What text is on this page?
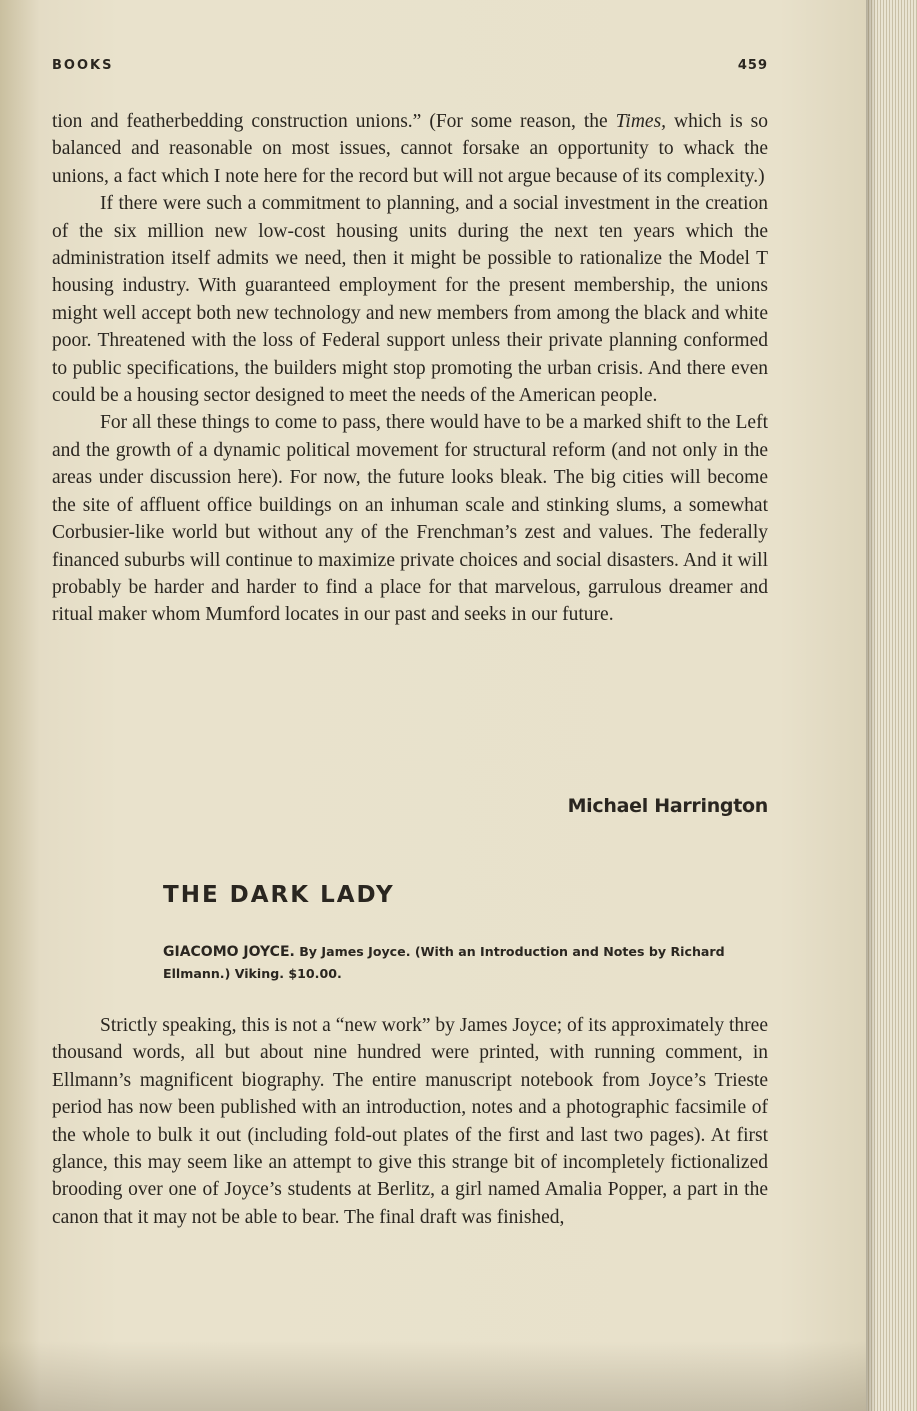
BOOKS	459

tion and featherbedding construction unions.” (For some reason, the Times, which is so balanced and reasonable on most issues, cannot forsake an opportunity to whack the unions, a fact which I note here for the record but will not argue because of its complexity.)

If there were such a commitment to planning, and a social investment in the creation of the six million new low-cost housing units during the next ten years which the administration itself admits we need, then it might be possible to rationalize the Model T housing industry. With guaranteed employment for the present membership, the unions might well accept both new technology and new members from among the black and white poor. Threatened with the loss of Federal support unless their private planning conformed to public specifications, the builders might stop promoting the urban crisis. And there even could be a housing sector designed to meet the needs of the American people.

For all these things to come to pass, there would have to be a marked shift to the Left and the growth of a dynamic political movement for structural reform (and not only in the areas under discussion here). For now, the future looks bleak. The big cities will become the site of affluent office buildings on an inhuman scale and stinking slums, a somewhat Corbusier-like world but without any of the Frenchman’s zest and values. The federally financed suburbs will continue to maximize private choices and social disasters. And it will probably be harder and harder to find a place for that marvelous, garrulous dreamer and ritual maker whom Mumford locates in our past and seeks in our future.

Michael Harrington
THE DARK LADY
GIACOMO JOYCE. By James Joyce. (With an Introduction and Notes by Richard Ellmann.) Viking. $10.00.

Strictly speaking, this is not a “new work” by James Joyce; of its approximately three thousand words, all but about nine hundred were printed, with running comment, in Ellmann’s magnificent biography. The entire manuscript notebook from Joyce’s Trieste period has now been published with an introduction, notes and a photographic facsimile of the whole to bulk it out (including fold-out plates of the first and last two pages). At first glance, this may seem like an attempt to give this strange bit of incompletely fictionalized brooding over one of Joyce’s students at Berlitz, a girl named Amalia Popper, a part in the canon that it may not be able to bear. The final draft was finished,
